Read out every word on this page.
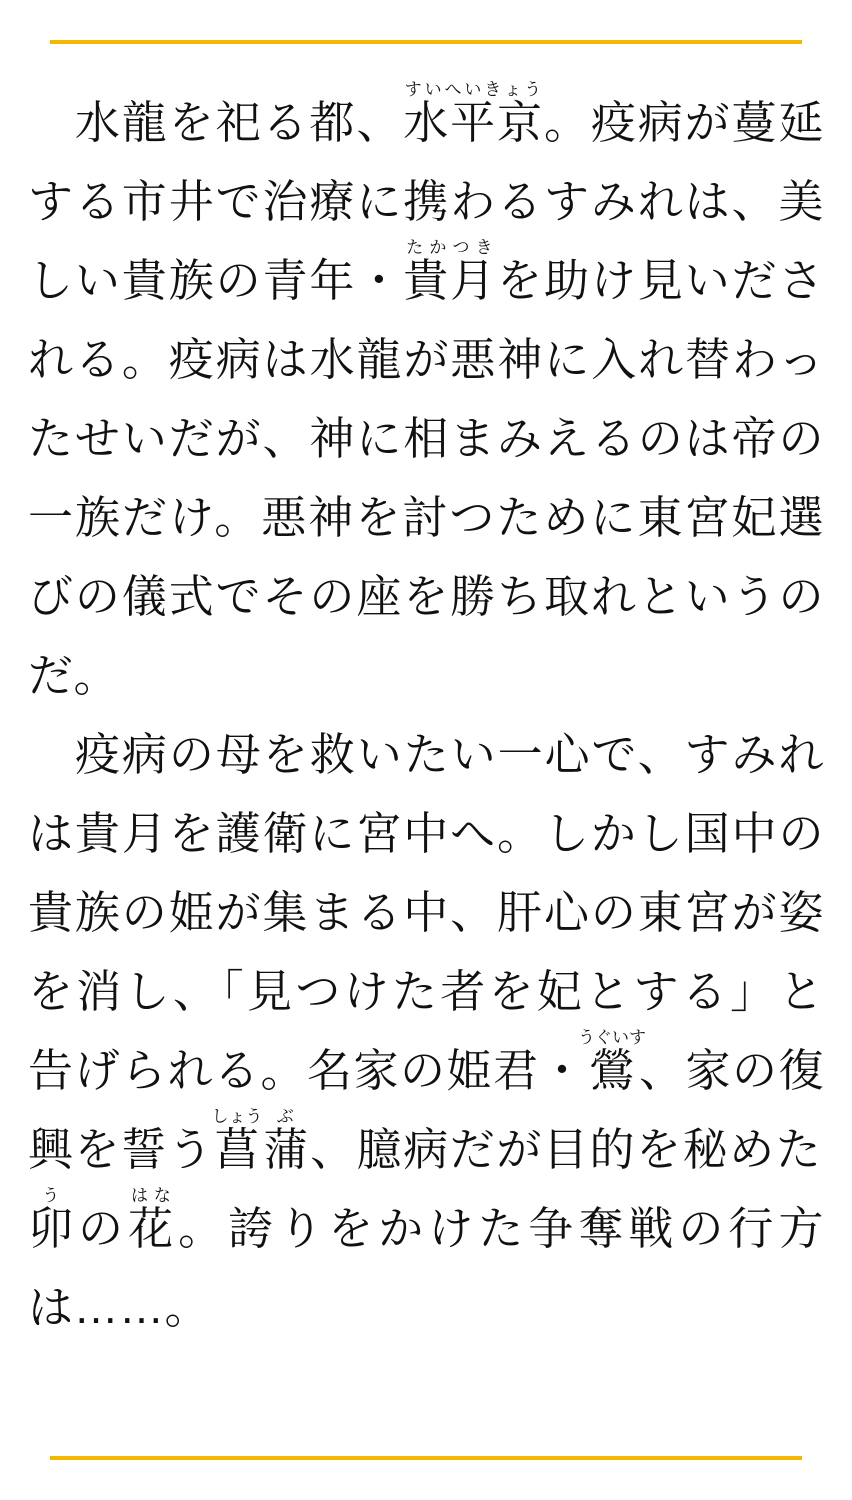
水龍を祀る都、水平京すいへいきょう。疫病が蔓延する市井で治療に携わるすみれは、美しい貴族の青年・貴月たかつきを助け見いだされる。疫病は水龍が悪神に入れ替わったせいだが、神に相まみえるのは帝の一族だけ。悪神を討つために東宮妃選びの儀式でその座を勝ち取れというのだ。

疫病の母を救いたい一心で、すみれは貴月を護衛に宮中へ。しかし国中の貴族の姫が集まる中、肝心の東宮が姿を消し、「見つけた者を妃とする」と告げられる。名家の姫君・鶯うぐいす、家の復興を誓う菖しょう蒲ぶ、臆病だが目的を秘めた卯うの花はな。誇りをかけた争奪戦の行方は……。
